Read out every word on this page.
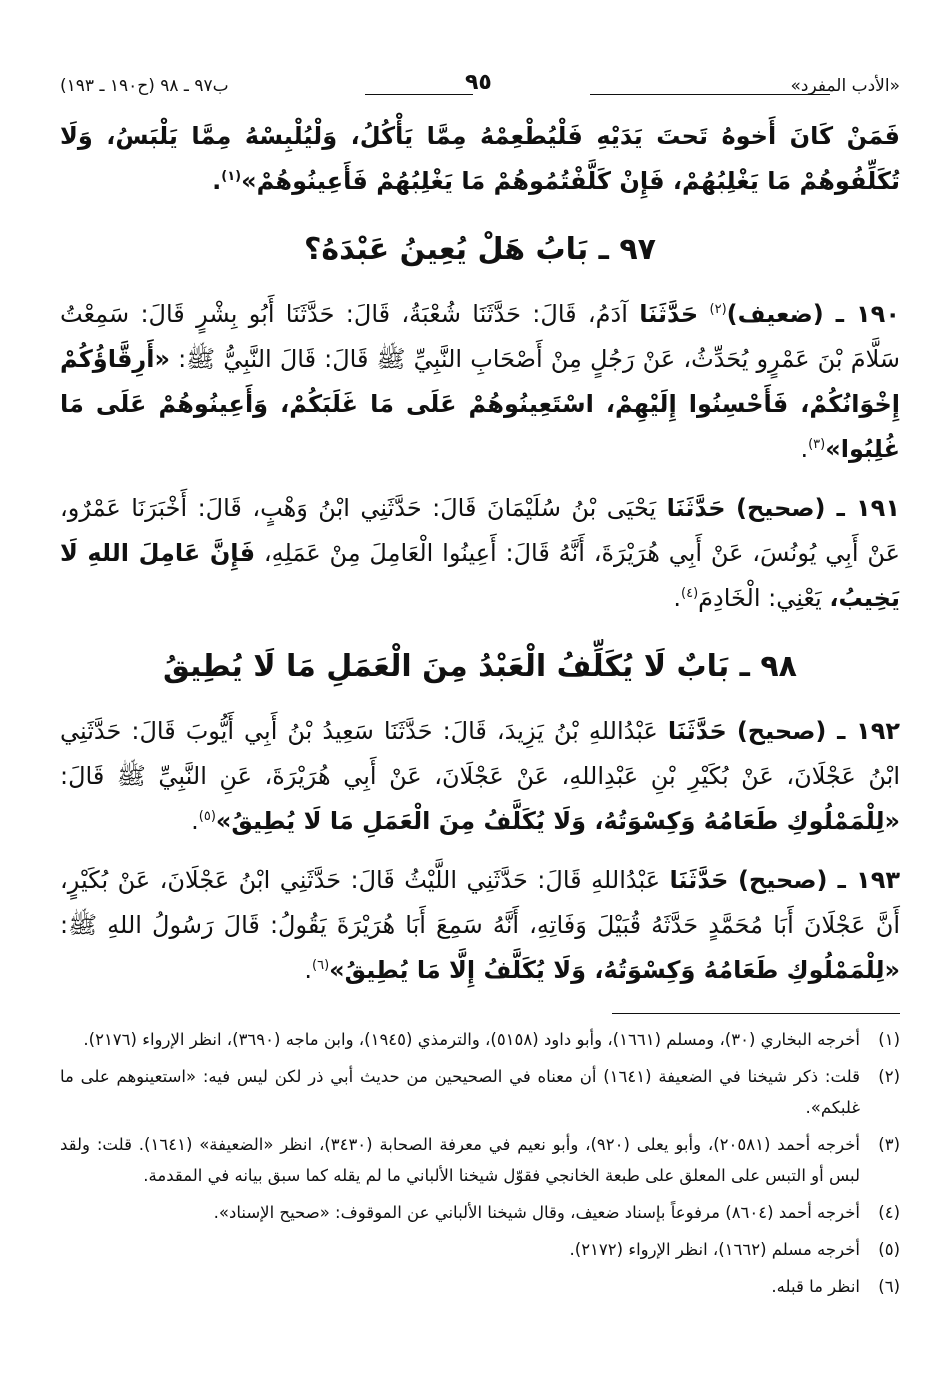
«الأدب المفرد»
٩٥
ب٩٧ ـ ٩٨ (ح١٩٠ ـ ١٩٣)

فَمَنْ كَانَ أَخوهُ تَحتَ يَدَيْهِ فَلْيُطْعِمْهُ مِمَّا يَأْكُلُ، وَلْيُلْبِسْهُ مِمَّا يَلْبَسُ، وَلَا تُكَلِّفُوهُمْ مَا يَغْلِبُهُمْ، فَإِنْ كَلَّفْتُمُوهُمْ مَا يَغْلِبُهُمْ فَأَعِينُوهُمْ»$^{(١)}$.

٩٧ ـ بَابُ هَلْ يُعِينُ عَبْدَهُ؟

١٩٠ ـ (ضعيف)$^{(٢)}$ حَدَّثَنَا آدَمُ، قَالَ: حَدَّثَنَا شُعْبَةُ، قَالَ: حَدَّثَنَا أَبُو بِشْرٍ قَالَ: سَمِعْتُ سَلَّامَ بْنَ عَمْرٍو يُحَدِّثُ، عَنْ رَجُلٍ مِنْ أَصْحَابِ النَّبِيِّ ﷺ قَالَ: قَالَ النَّبِيُّ ﷺ: «أَرِقَّاؤُكُمْ إِخْوَانُكُمْ، فَأَحْسِنُوا إِلَيْهِمْ، اسْتَعِينُوهُمْ عَلَى مَا غَلَبَكُمْ، وَأَعِينُوهُمْ عَلَى مَا غُلِبُوا»$^{(٣)}$.

١٩١ ـ (صحيح) حَدَّثَنَا يَحْيَى بْنُ سُلَيْمَانَ قَالَ: حَدَّثَنِي ابْنُ وَهْبٍ، قَالَ: أَخْبَرَنَا عَمْرٌو، عَنْ أَبِي يُونُسَ، عَنْ أَبِي هُرَيْرَةَ، أَنَّهُ قَالَ: أَعِينُوا الْعَامِلَ مِنْ عَمَلِهِ، فَإِنَّ عَامِلَ اللهِ لَا يَخِيبُ، يَعْنِي: الْخَادِمَ$^{(٤)}$.

٩٨ ـ بَابٌ لَا يُكَلِّفُ الْعَبْدُ مِنَ الْعَمَلِ مَا لَا يُطِيقُ

١٩٢ ـ (صحيح) حَدَّثَنَا عَبْدُاللهِ بْنُ يَزِيدَ، قَالَ: حَدَّثَنَا سَعِيدُ بْنُ أَبِي أَيُّوبَ قَالَ: حَدَّثَنِي ابْنُ عَجْلَانَ، عَنْ بُكَيْرِ بْنِ عَبْدِاللهِ، عَنْ عَجْلَانَ، عَنْ أَبِي هُرَيْرَةَ، عَنِ النَّبِيِّ ﷺ قَالَ: «لِلْمَمْلُوكِ طَعَامُهُ وَكِسْوَتُهُ، وَلَا يُكَلَّفُ مِنَ الْعَمَلِ مَا لَا يُطِيقُ»$^{(٥)}$.

١٩٣ ـ (صحيح) حَدَّثَنَا عَبْدُاللهِ قَالَ: حَدَّثَنِي اللَّيْثُ قَالَ: حَدَّثَنِي ابْنُ عَجْلَانَ، عَنْ بُكَيْرٍ، أَنَّ عَجْلَانَ أَبَا مُحَمَّدٍ حَدَّثَهُ قُبَيْلَ وَفَاتِهِ، أَنَّهُ سَمِعَ أَبَا هُرَيْرَةَ يَقُولُ: قَالَ رَسُولُ اللهِ ﷺ: «لِلْمَمْلُوكِ طَعَامُهُ وَكِسْوَتُهُ، وَلَا يُكَلَّفُ إِلَّا مَا يُطِيقُ»$^{(٦)}$.

(١)
أخرجه البخاري (٣٠)، ومسلم (١٦٦١)، وأبو داود (٥١٥٨)، والترمذي (١٩٤٥)، وابن ماجه (٣٦٩٠)، انظر الإرواء (٢١٧٦).
(٢)
قلت: ذكر شيخنا في الضعيفة (١٦٤١) أن معناه في الصحيحين من حديث أبي ذر لكن ليس فيه: «استعينوهم على ما غلبكم».
(٣)
أخرجه أحمد (٢٠٥٨١)، وأبو يعلى (٩٢٠)، وأبو نعيم في معرفة الصحابة (٣٤٣٠)، انظر «الضعيفة» (١٦٤١). قلت: ولقد لبس أو التبس على المعلق على طبعة الخانجي فقوّل شيخنا الألباني ما لم يقله كما سبق بيانه في المقدمة.
(٤)
أخرجه أحمد (٨٦٠٤) مرفوعاً بإسناد ضعيف، وقال شيخنا الألباني عن الموقوف: «صحيح الإسناد».
(٥)
أخرجه مسلم (١٦٦٢)، انظر الإرواء (٢١٧٢).
(٦)
انظر ما قبله.
